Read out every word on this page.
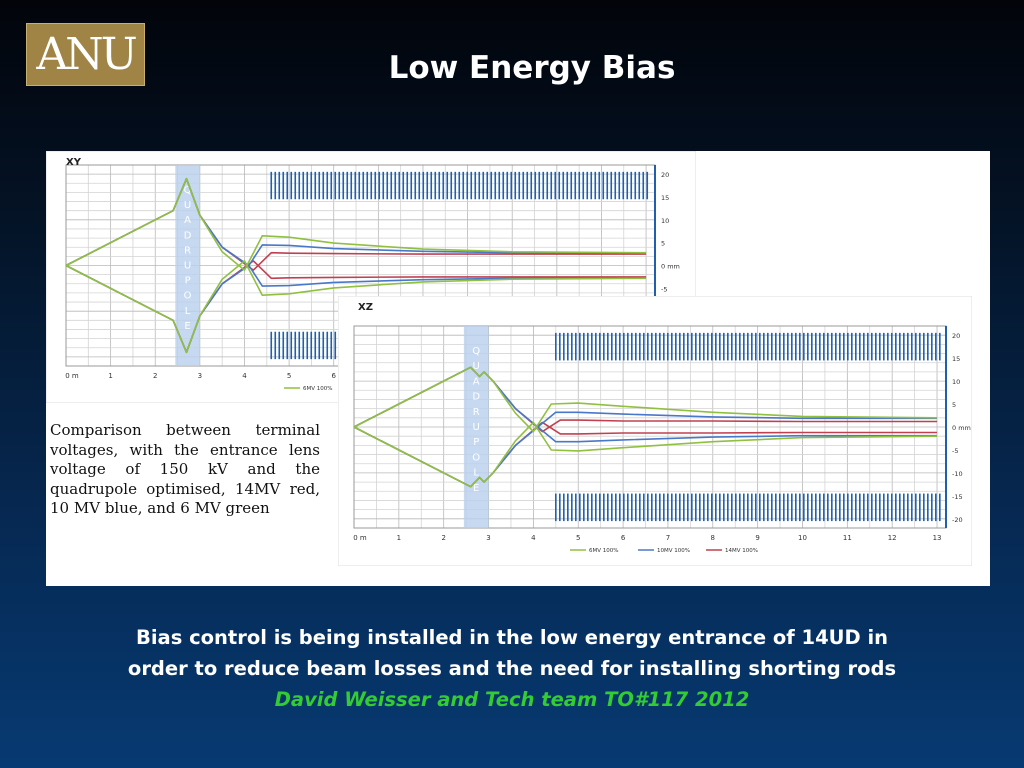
ANU	Low Energy Bias
Q
U
A
D
R
U
P
O
L
E
0 m	1	2	3	4	5	6
20
15
10
5
0 mm
-5
XY
6MV 100%
Comparison between terminal voltages, with the entrance lens voltage of 150 kV and the quadrupole optimised, 14MV red, 10 MV blue, and 6 MV green
Q
U
A
D
R
U
P
O
L
E
0 m	1	2	3	4	5	6	7	8	9	10	11	12	13
20
15
10
5
0 mm
-5
-10
-15
-20
XZ
6MV 100%	10MV 100%	14MV 100%
Bias control is being installed in the low energy entrance of 14UD in
order to reduce beam losses and the need for installing shorting rods
David Weisser and Tech team TO#117 2012
